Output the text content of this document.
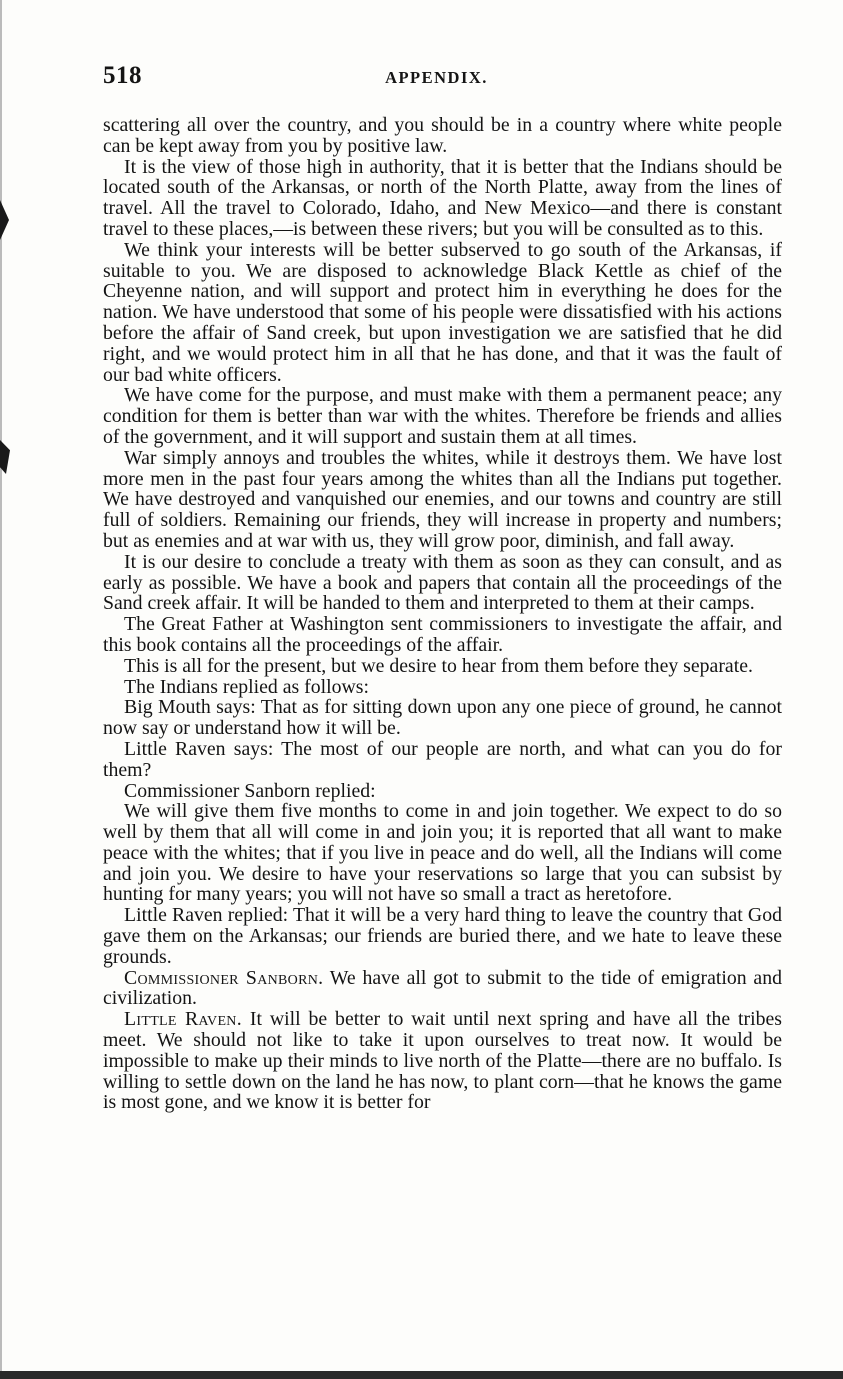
518	APPENDIX.

scattering all over the country, and you should be in a country where white people can be kept away from you by positive law.

It is the view of those high in authority, that it is better that the Indians should be located south of the Arkansas, or north of the North Platte, away from the lines of travel. All the travel to Colorado, Idaho, and New Mexico—and there is constant travel to these places,—is between these rivers; but you will be consulted as to this.

We think your interests will be better subserved to go south of the Arkansas, if suitable to you. We are disposed to acknowledge Black Kettle as chief of the Cheyenne nation, and will support and protect him in everything he does for the nation. We have understood that some of his people were dissatisfied with his actions before the affair of Sand creek, but upon investigation we are satisfied that he did right, and we would protect him in all that he has done, and that it was the fault of our bad white officers.

We have come for the purpose, and must make with them a permanent peace; any condition for them is better than war with the whites. Therefore be friends and allies of the government, and it will support and sustain them at all times.

War simply annoys and troubles the whites, while it destroys them. We have lost more men in the past four years among the whites than all the Indians put together. We have destroyed and vanquished our enemies, and our towns and country are still full of soldiers. Remaining our friends, they will increase in property and numbers; but as enemies and at war with us, they will grow poor, diminish, and fall away.

It is our desire to conclude a treaty with them as soon as they can consult, and as early as possible. We have a book and papers that contain all the proceedings of the Sand creek affair. It will be handed to them and interpreted to them at their camps.

The Great Father at Washington sent commissioners to investigate the affair, and this book contains all the proceedings of the affair.

This is all for the present, but we desire to hear from them before they separate.

The Indians replied as follows:

Big Mouth says: That as for sitting down upon any one piece of ground, he cannot now say or understand how it will be.

Little Raven says: The most of our people are north, and what can you do for them?

Commissioner Sanborn replied:

We will give them five months to come in and join together. We expect to do so well by them that all will come in and join you; it is reported that all want to make peace with the whites; that if you live in peace and do well, all the Indians will come and join you. We desire to have your reservations so large that you can subsist by hunting for many years; you will not have so small a tract as heretofore.

Little Raven replied: That it will be a very hard thing to leave the country that God gave them on the Arkansas; our friends are buried there, and we hate to leave these grounds.

Commissioner Sanborn. We have all got to submit to the tide of emigration and civilization.

Little Raven. It will be better to wait until next spring and have all the tribes meet. We should not like to take it upon ourselves to treat now. It would be impossible to make up their minds to live north of the Platte—there are no buffalo. Is willing to settle down on the land he has now, to plant corn—that he knows the game is most gone, and we know it is better for
